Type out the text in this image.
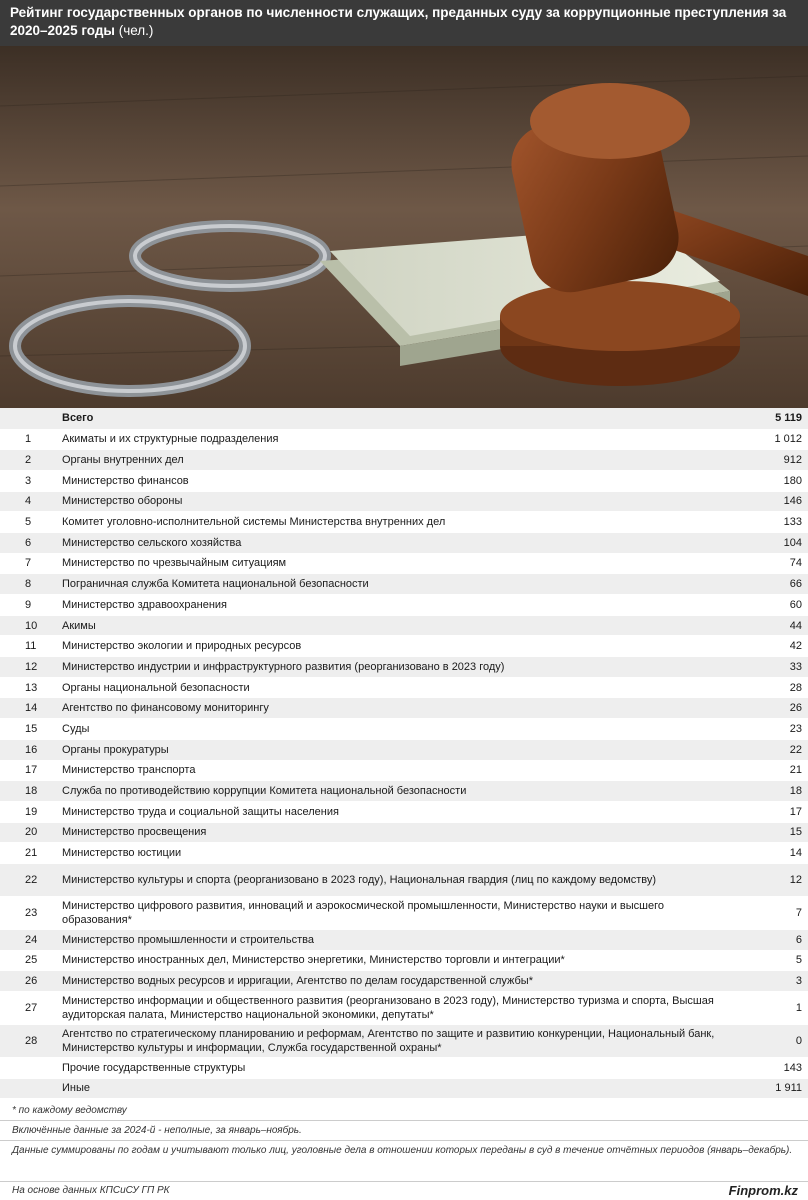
Рейтинг государственных органов по численности служащих, преданных суду за коррупционные преступления за 2020–2025 годы (чел.)
	Всего	5 119
1	Акиматы и их структурные подразделения	1 012
2	Органы внутренних дел	912
3	Министерство финансов	180
4	Министерство обороны	146
5	Комитет уголовно-исполнительной системы Министерства внутренних дел	133
6	Министерство сельского хозяйства	104
7	Министерство по чрезвычайным ситуациям	74
8	Пограничная служба Комитета национальной безопасности	66
9	Министерство здравоохранения	60
10	Акимы	44
11	Министерство экологии и природных ресурсов	42
12	Министерство индустрии и инфраструктурного развития (реорганизовано в 2023 году)	33
13	Органы национальной безопасности	28
14	Агентство по финансовому мониторингу	26
15	Суды	23
16	Органы прокуратуры	22
17	Министерство транспорта	21
18	Служба по противодействию коррупции Комитета национальной безопасности	18
19	Министерство труда и социальной защиты населения	17
20	Министерство просвещения	15
21	Министерство юстиции	14
22	Министерство культуры и спорта (реорганизовано в 2023 году), Национальная гвардия (лиц по каждому ведомству)	12
23	Министерство цифрового развития, инноваций и аэрокосмической промышленности, Министерство науки и высшего образования*	7
24	Министерство промышленности и строительства	6
25	Министерство иностранных дел, Министерство энергетики, Министерство торговли и интеграции*	5
26	Министерство водных ресурсов и ирригации, Агентство по делам государственной службы*	3
27	Министерство информации и общественного развития (реорганизовано в 2023 году), Министерство туризма и спорта, Высшая аудиторская палата, Министерство национальной экономики, депутаты*	1
28	Агентство по стратегическому планированию и реформам, Агентство по защите и развитию конкуренции, Национальный банк, Министерство культуры и информации, Служба государственной охраны*	0
	Прочие государственные структуры	143
	Иные	1 911
* по каждому ведомству
Включённые данные за 2024-й - неполные, за январь–ноябрь.
Данные суммированы по годам и учитывают только лиц, уголовные дела в отношении которых переданы в суд в течение отчётных периодов (январь–декабрь).
На основе данных КПСиСУ ГП РК	Finprom.kz
